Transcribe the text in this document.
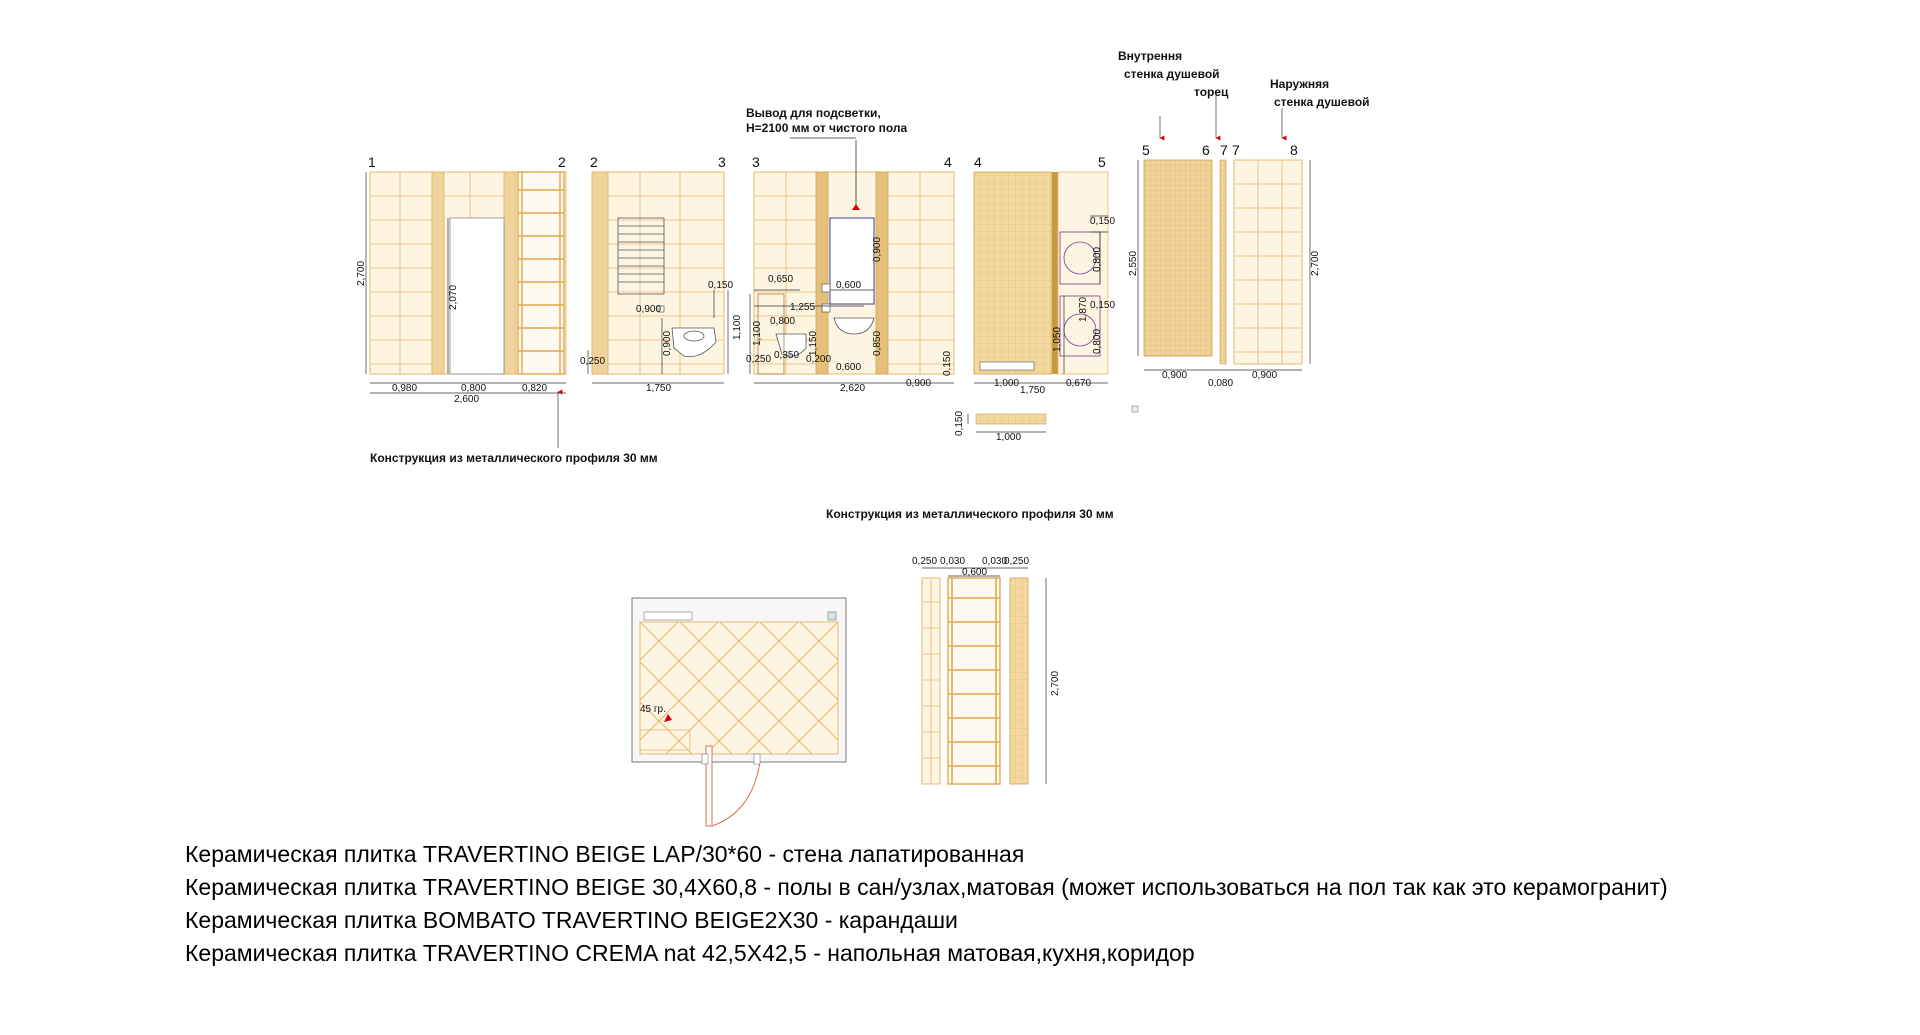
1	2
2,700
2,070
0,980	0,800	0,820
2,600
2	3
0,250
0,900
0,900
0,150
1,100
1,750
3	4
0,650
1,255
0,800
0,600
0,900
1,150
0,350
0,250	0,200
0,600
1,100	0,850
2,620
4	5
0,150
0,800
0,150
0,800
1,870
1,050
0,900
0,150
1,000	0,670
1,750
0,150
1,000
5	6 7 7	8
2,550	2,700
0,900
0,080
0,900
Вывод для подсветки,
H=2100 мм от чистого пола
Внутрення
стенка душевой
торец
Наружняя
стенка душевой
Конструкция из металлического профиля 30 мм
Конструкция из металлического профиля 30 мм
45 гр.
0,250 0,030 0,030
0,250
0,600
2,700
Керамическая плитка TRAVERTINO BEIGE LAP/30*60 - стена лапатированная
Керамическая плитка TRAVERTINO BEIGE 30,4X60,8 - полы в сан/узлах,матовая (может использоваться на пол так как это керамогранит)
Керамическая плитка BOMBATO TRAVERTINO BEIGE2X30 - карандаши
Керамическая плитка TRAVERTINO CREMA nat 42,5X42,5 - напольная матовая,кухня,коридор
